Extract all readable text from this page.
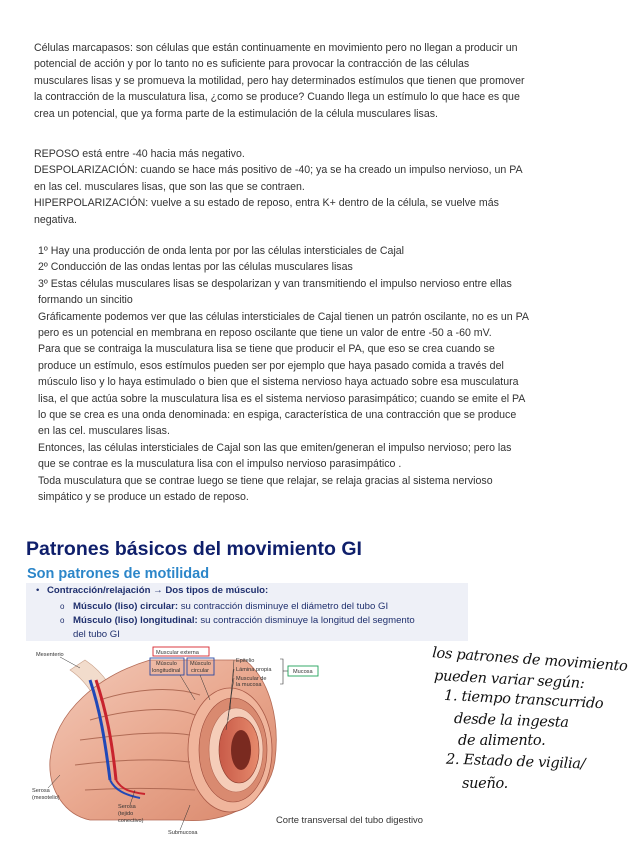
Células marcapasos: son células que están continuamente en movimiento pero no llegan a producir un
potencial de acción y por lo tanto no es suficiente para provocar la contracción de las células
musculares lisas y se promueva la motilidad, pero hay determinados estímulos que tienen que promover
la contracción de la musculatura lisa, ¿como se produce? Cuando llega un estímulo lo que hace es que
crea un potencial, que ya forma parte de la estimulación de la célula musculares lisas.
REPOSO está entre -40 hacia más negativo.
DESPOLARIZACIÓN: cuando se hace más positivo de -40; ya se ha creado un impulso nervioso, un PA
en las cel. musculares lisas, que son las que se contraen.
HIPERPOLARIZACIÓN: vuelve a su estado de reposo, entra K+ dentro de la célula, se vuelve más
negativa.
1º Hay una producción de onda lenta por por las células intersticiales de Cajal
2º Conducción de las ondas lentas por las células musculares lisas
3º Estas células musculares lisas se despolarizan y van transmitiendo el impulso nervioso entre ellas
formando un sincitio
Gráficamente podemos ver que las células intersticiales de Cajal tienen un patrón oscilante, no es un PA
pero es un potencial en membrana en reposo oscilante que tiene un valor de entre -50 a -60 mV.
Para que se contraiga la musculatura lisa se tiene que producir el PA, que eso se crea cuando se
produce un estímulo, esos estímulos pueden ser por ejemplo que haya pasado comida a través del
músculo liso y lo haya estimulado o bien que el sistema nervioso haya actuado sobre esa musculatura
lisa, el que actúa sobre la musculatura lisa es el sistema nervioso parasimpático; cuando se emite el PA
lo que se crea es una onda denominada: en espiga, característica de una contracción que se produce
en las cel. musculares lisas.
Entonces, las células intersticiales de Cajal son las que emiten/generan el impulso nervioso; pero las
que se contrae es la musculatura lisa con el impulso nervioso parasimpático .
Toda musculatura que se contrae luego se tiene que relajar, se relaja gracias al sistema nervioso
simpático y se produce un estado de reposo.
Patrones básicos del movimiento GI
Son patrones de motilidad
• Contracción/relajación → Dos tipos de músculo:
o Músculo (liso) circular: su contracción disminuye el diámetro del tubo GI
o Músculo (liso) longitudinal: su contracción disminuye la longitud del segmento
del tubo GI
Mesenterio	Muscular externa
Músculo
longitudinal
Músculo
circular
Epitelio
Lámina propia
Muscular de
la mucosa
Mucosa
Serosa
(mesotelio)
Serosa
(tejido
conectivo)
Submucosa
Corte transversal del tubo digestivo
los patrones de movimiento
pueden variar según:
1. tiempo transcurrido
desde la ingesta
de alimento.
2. Estado de vigilia/
sueño.
